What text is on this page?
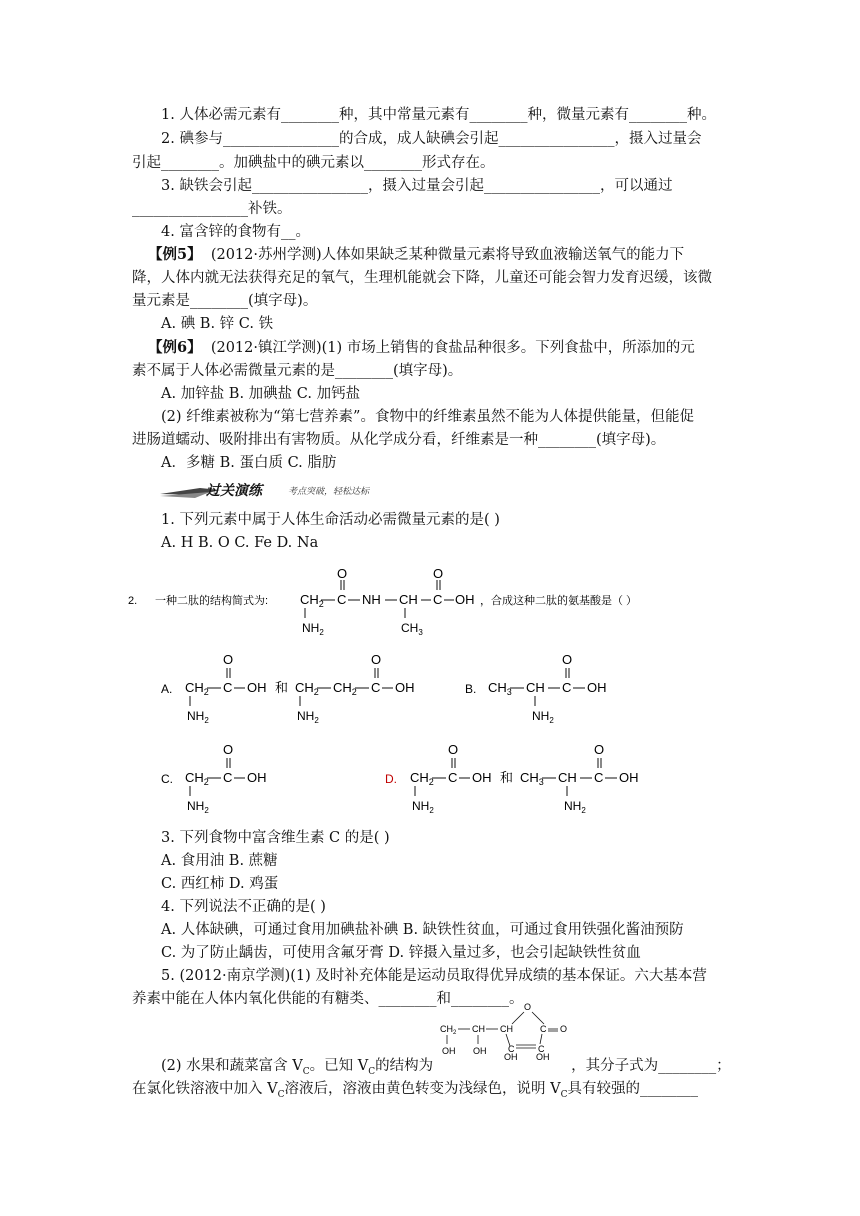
1. 人体必需元素有________种，其中常量元素有________种，微量元素有________种。
2. 碘参与________________的合成，成人缺碘会引起________________，摄入过量会
引起________。加碘盐中的碘元素以________形式存在。
3. 缺铁会引起________________，摄入过量会引起________________，可以通过
________________补铁。
4. 富含锌的食物有__。
【例5】 (2012·苏州学测)人体如果缺乏某种微量元素将导致血液输送氧气的能力下
降，人体内就无法获得充足的氧气，生理机能就会下降，儿童还可能会智力发育迟缓，该微
量元素是________(填字母)。
A. 碘 B. 锌 C. 铁
【例6】 (2012·镇江学测)(1) 市场上销售的食盐品种很多。下列食盐中，所添加的元
素不属于人体必需微量元素的是________(填字母)。
A. 加锌盐 B. 加碘盐 C. 加钙盐
(2) 纤维素被称为“第七营养素”。食物中的纤维素虽然不能为人体提供能量，但能促
进肠道蠕动、吸附排出有害物质。从化学成分看，纤维素是一种________(填字母)。
A．多糖 B. 蛋白质 C. 脂肪
过关演练	考点突破，轻松达标
1. 下列元素中属于人体生命活动必需微量元素的是( )
A. H B. O C. Fe D. Na
2. 一种二肽的结构简式为: $CH_2$ C
O
NH CH C
O
OH
$NH_2$	$CH_3$
，合成这种二肽的氨基酸是（ ）
A. $CH_2$ C
O
OH
$NH_2$
和 $CH_2$ $CH_2$ C
O
OH
$NH_2$
B. $CH_3$ CH C
O
OH
$NH_2$
C. $CH_2$ C
O
OH
$NH_2$
D. $CH_2$ C
O
OH
$NH_2$
和 $CH_3$ CH C
O
OH
$NH_2$
3. 下列食物中富含维生素 C 的是( )
A. 食用油 B. 蔗糖
C. 西红柿 D. 鸡蛋
4. 下列说法不正确的是( )
A. 人体缺碘，可通过食用加碘盐补碘 B. 缺铁性贫血，可通过食用铁强化酱油预防
C. 为了防止龋齿，可使用含氟牙膏 D. 锌摄入量过多，也会引起缺铁性贫血
5. (2012·南京学测)(1) 及时补充体能是运动员取得优异成绩的基本保证。六大基本营
养素中能在人体内氧化供能的有糖类、________和________。
$CH_2$ CH CH
O
C O
C	C
OH OH
OH OH
(2) 水果和蔬菜富含 $V_C$。已知 $V_C$的结构为	，其分子式为________；
在氯化铁溶液中加入 $V_C$溶液后，溶液由黄色转变为浅绿色，说明 $V_C$具有较强的________
